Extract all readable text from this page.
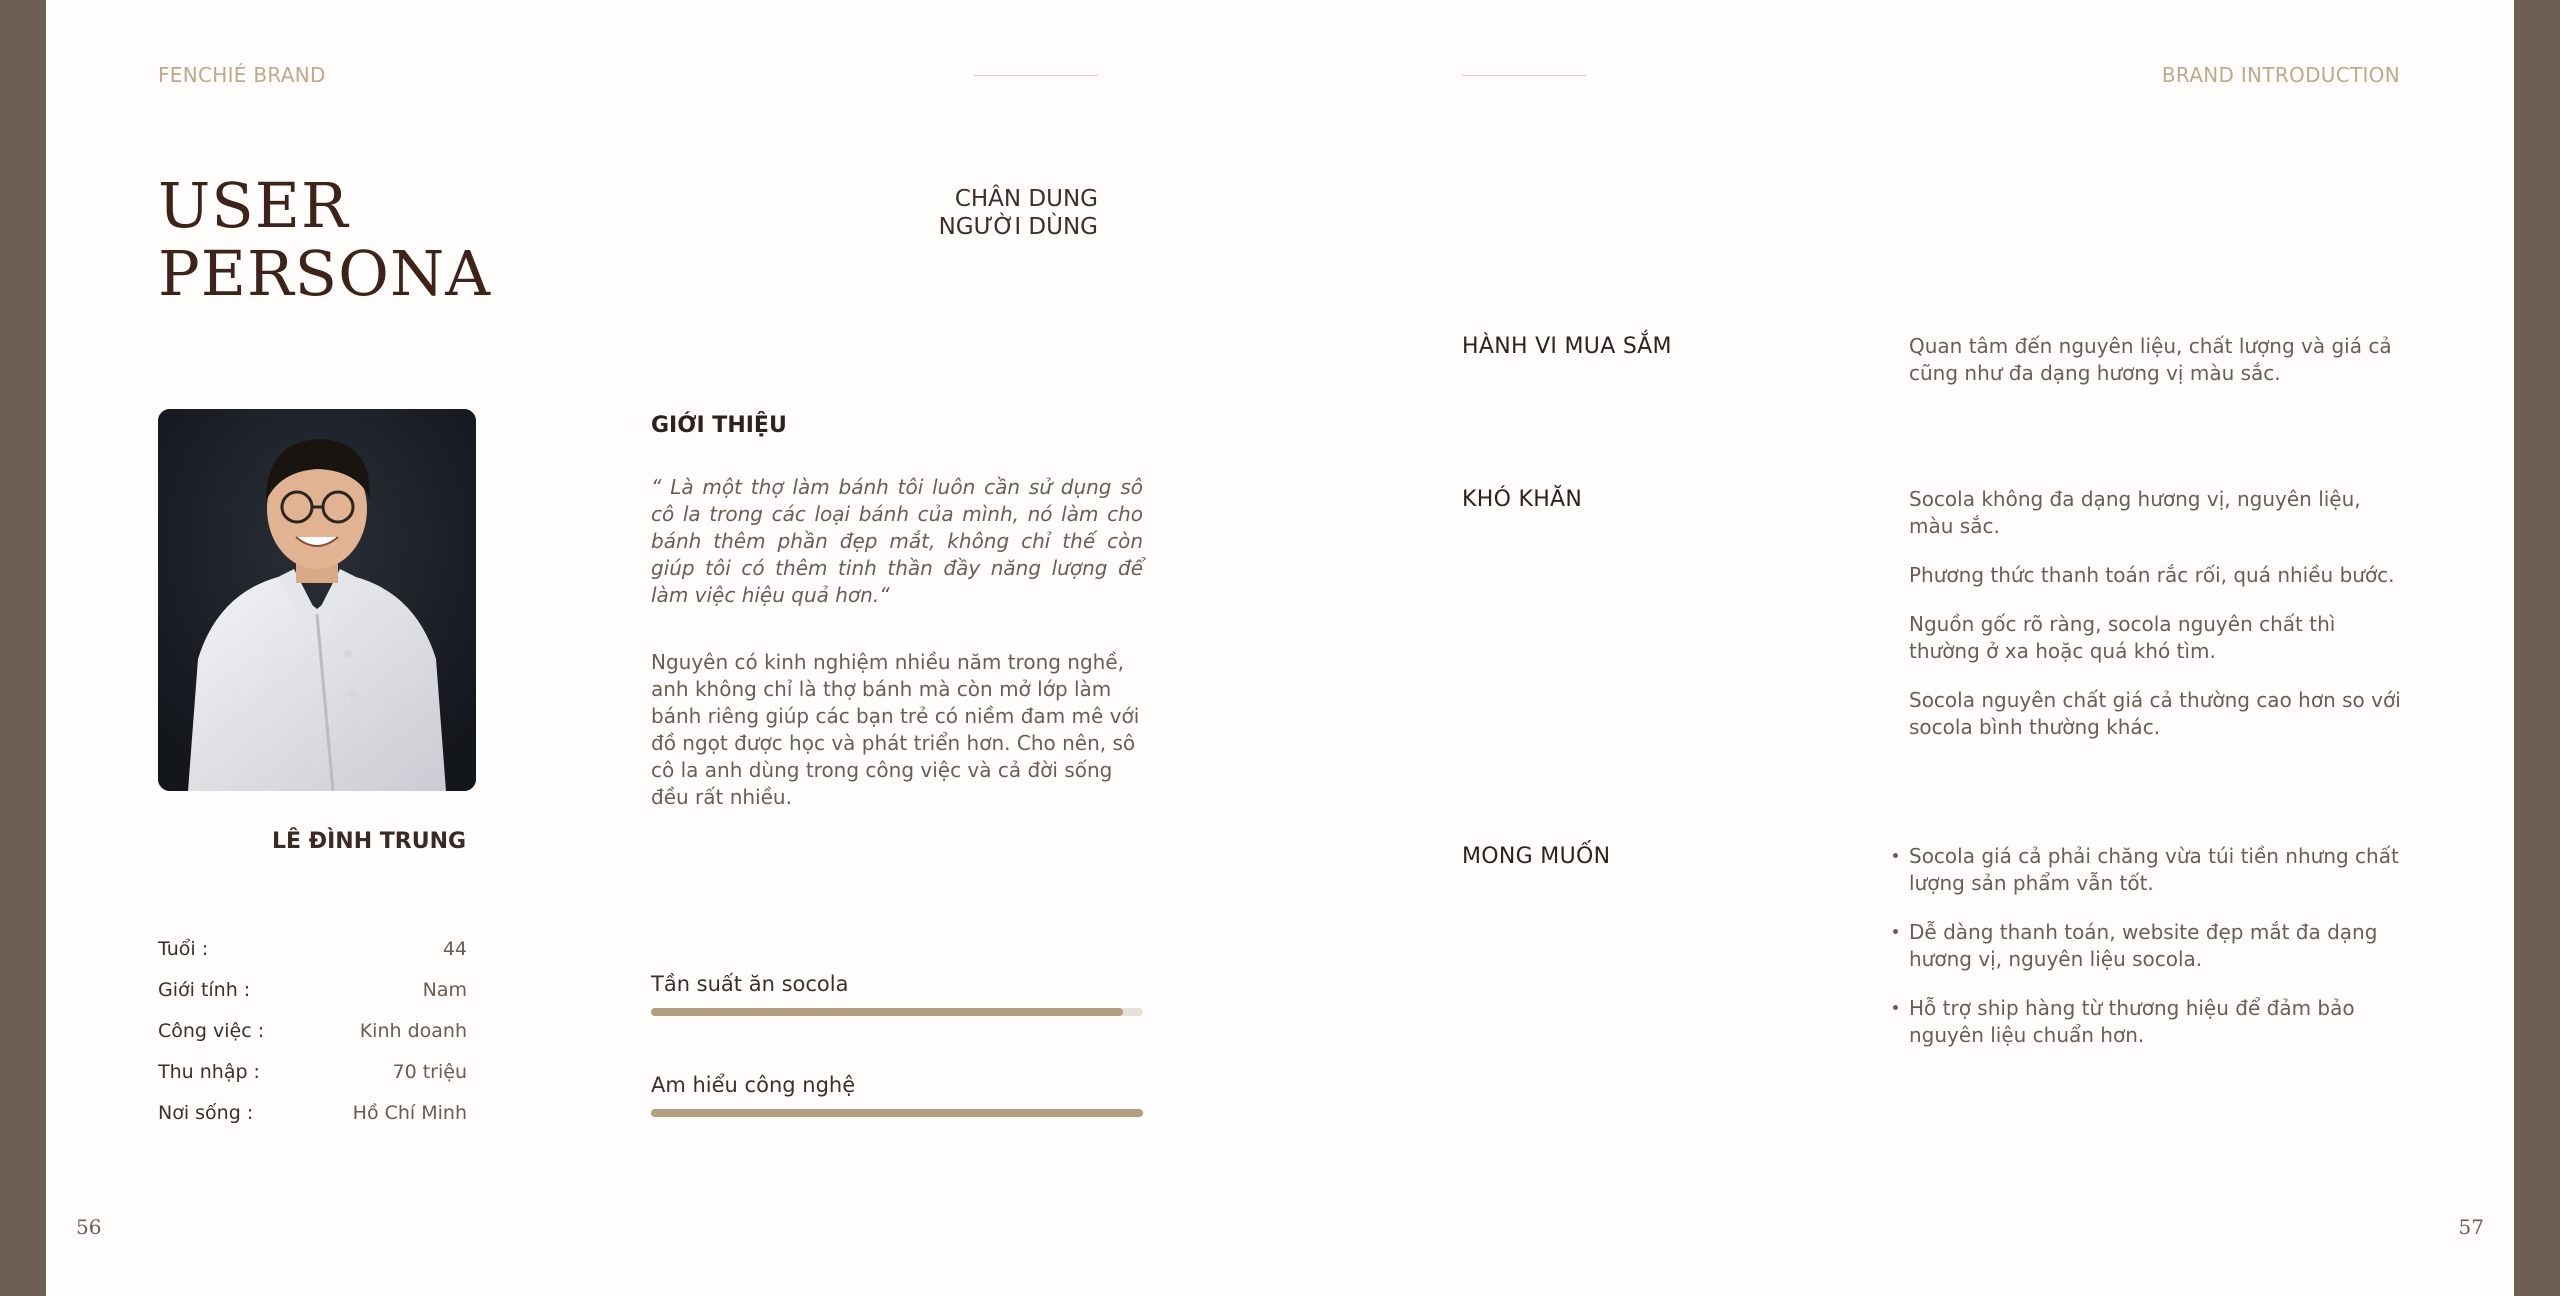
FENCHIÉ BRAND	BRAND INTRODUCTION
USER
PERSONA
CHÂN DUNG
NGƯỜI DÙNG
LÊ ĐÌNH TRUNG
Tuổi :	44
Giới tính :	Nam
Công việc :	Kinh doanh
Thu nhập :	70 triệu
Nơi sống :	Hồ Chí Minh
GIỚI THIỆU
“ Là một thợ làm bánh tôi luôn cần sử dụng sô cô la trong các loại bánh của mình, nó làm cho bánh thêm phần đẹp mắt, không chỉ thế còn giúp tôi có thêm tinh thần đầy năng lượng để làm việc hiệu quả hơn.“
Nguyên có kinh nghiệm nhiều năm trong nghề, anh không chỉ là thợ bánh mà còn mở lớp làm bánh riêng giúp các bạn trẻ có niềm đam mê với đồ ngọt được học và phát triển hơn. Cho nên, sô cô la anh dùng trong công việc và cả đời sống đều rất nhiều.
Tần suất ăn socola
Am hiểu công nghệ
HÀNH VI MUA SẮM	Quan tâm đến nguyên liệu, chất lượng và giá cả cũng như đa dạng hương vị màu sắc.
KHÓ KHĂN	Socola không đa dạng hương vị, nguyên liệu, màu sắc.
Phương thức thanh toán rắc rối, quá nhiều bước.
Nguồn gốc rõ ràng, socola nguyên chất thì thường ở xa hoặc quá khó tìm.
Socola nguyên chất giá cả thường cao hơn so với socola bình thường khác.
MONG MUỐN	Socola giá cả phải chăng vừa túi tiền nhưng chất lượng sản phẩm vẫn tốt.
Dễ dàng thanh toán, website đẹp mắt đa dạng hương vị, nguyên liệu socola.
Hỗ trợ ship hàng từ thương hiệu để đảm bảo nguyên liệu chuẩn hơn.
56	57
